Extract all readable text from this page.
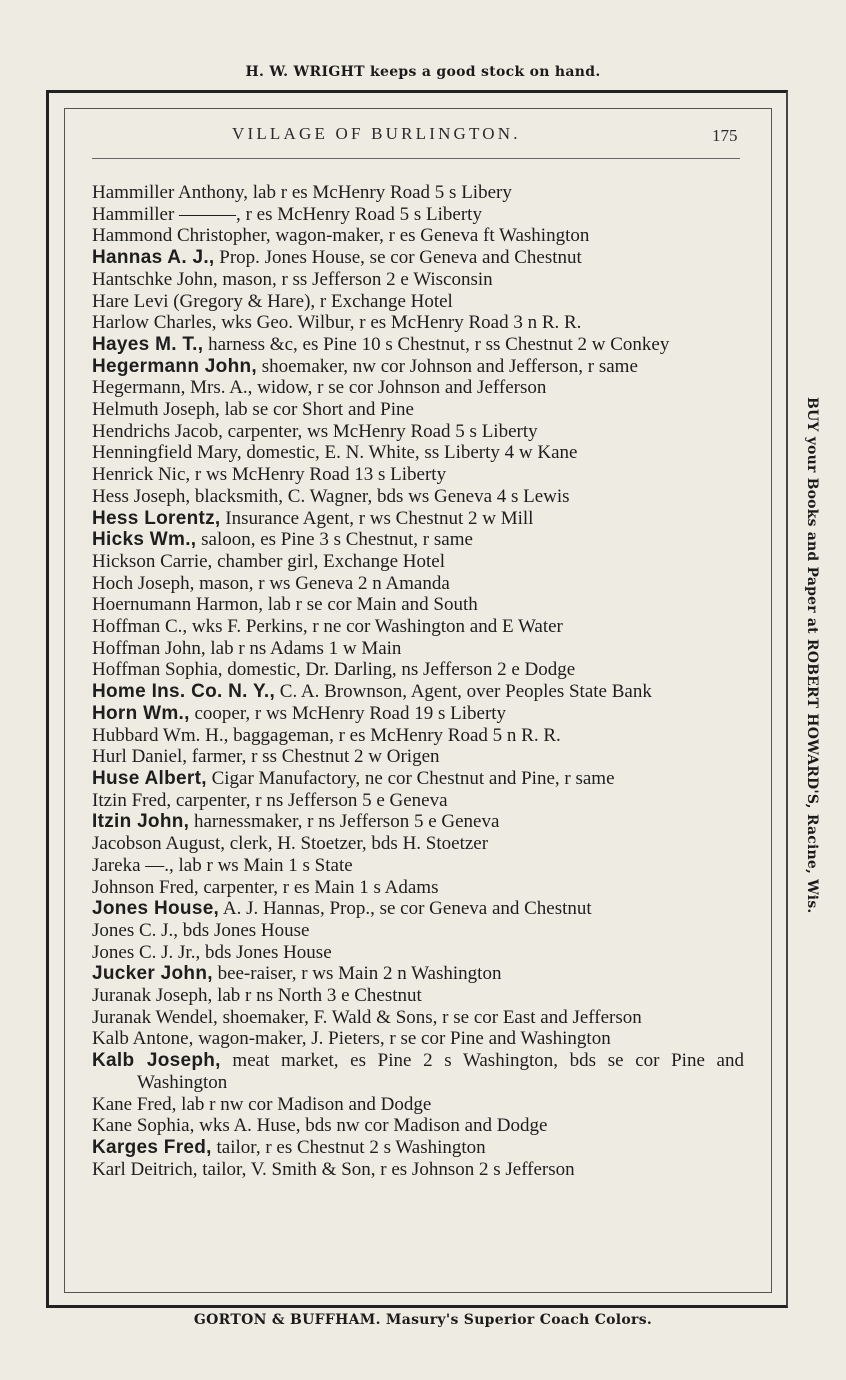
H. W. WRIGHT keeps a good stock on hand.
BUY your Books and Paper at ROBERT HOWARD'S, Racine, Wis.
VILLAGE OF BURLINGTON.	175

Hammiller Anthony, lab r es McHenry Road 5 s Libery

Hammiller ———, r es McHenry Road 5 s Liberty

Hammond Christopher, wagon-maker, r es Geneva ft Washington

Hannas A. J., Prop. Jones House, se cor Geneva and Chestnut

Hantschke John, mason, r ss Jefferson 2 e Wisconsin

Hare Levi (Gregory & Hare), r Exchange Hotel

Harlow Charles, wks Geo. Wilbur, r es McHenry Road 3 n R. R.

Hayes M. T., harness &c, es Pine 10 s Chestnut, r ss Chestnut 2 w Conkey

Hegermann John, shoemaker, nw cor Johnson and Jefferson, r same

Hegermann, Mrs. A., widow, r se cor Johnson and Jefferson

Helmuth Joseph, lab se cor Short and Pine

Hendrichs Jacob, carpenter, ws McHenry Road 5 s Liberty

Henningfield Mary, domestic, E. N. White, ss Liberty 4 w Kane

Henrick Nic, r ws McHenry Road 13 s Liberty

Hess Joseph, blacksmith, C. Wagner, bds ws Geneva 4 s Lewis

Hess Lorentz, Insurance Agent, r ws Chestnut 2 w Mill

Hicks Wm., saloon, es Pine 3 s Chestnut, r same

Hickson Carrie, chamber girl, Exchange Hotel

Hoch Joseph, mason, r ws Geneva 2 n Amanda

Hoernumann Harmon, lab r se cor Main and South

Hoffman C., wks F. Perkins, r ne cor Washington and E Water

Hoffman John, lab r ns Adams 1 w Main

Hoffman Sophia, domestic, Dr. Darling, ns Jefferson 2 e Dodge

Home Ins. Co. N. Y., C. A. Brownson, Agent, over Peoples State Bank

Horn Wm., cooper, r ws McHenry Road 19 s Liberty

Hubbard Wm. H., baggageman, r es McHenry Road 5 n R. R.

Hurl Daniel, farmer, r ss Chestnut 2 w Origen

Huse Albert, Cigar Manufactory, ne cor Chestnut and Pine, r same

Itzin Fred, carpenter, r ns Jefferson 5 e Geneva

Itzin John, harnessmaker, r ns Jefferson 5 e Geneva

Jacobson August, clerk, H. Stoetzer, bds H. Stoetzer

Jareka —., lab r ws Main 1 s State

Johnson Fred, carpenter, r es Main 1 s Adams

Jones House, A. J. Hannas, Prop., se cor Geneva and Chestnut

Jones C. J., bds Jones House

Jones C. J. Jr., bds Jones House

Jucker John, bee-raiser, r ws Main 2 n Washington

Juranak Joseph, lab r ns North 3 e Chestnut

Juranak Wendel, shoemaker, F. Wald & Sons, r se cor East and Jefferson

Kalb Antone, wagon-maker, J. Pieters, r se cor Pine and Washington

Kalb Joseph, meat market, es Pine 2 s Washington, bds se cor Pine and Washington

Kane Fred, lab r nw cor Madison and Dodge

Kane Sophia, wks A. Huse, bds nw cor Madison and Dodge

Karges Fred, tailor, r es Chestnut 2 s Washington

Karl Deitrich, tailor, V. Smith & Son, r es Johnson 2 s Jefferson

GORTON & BUFFHAM. Masury's Superior Coach Colors.
